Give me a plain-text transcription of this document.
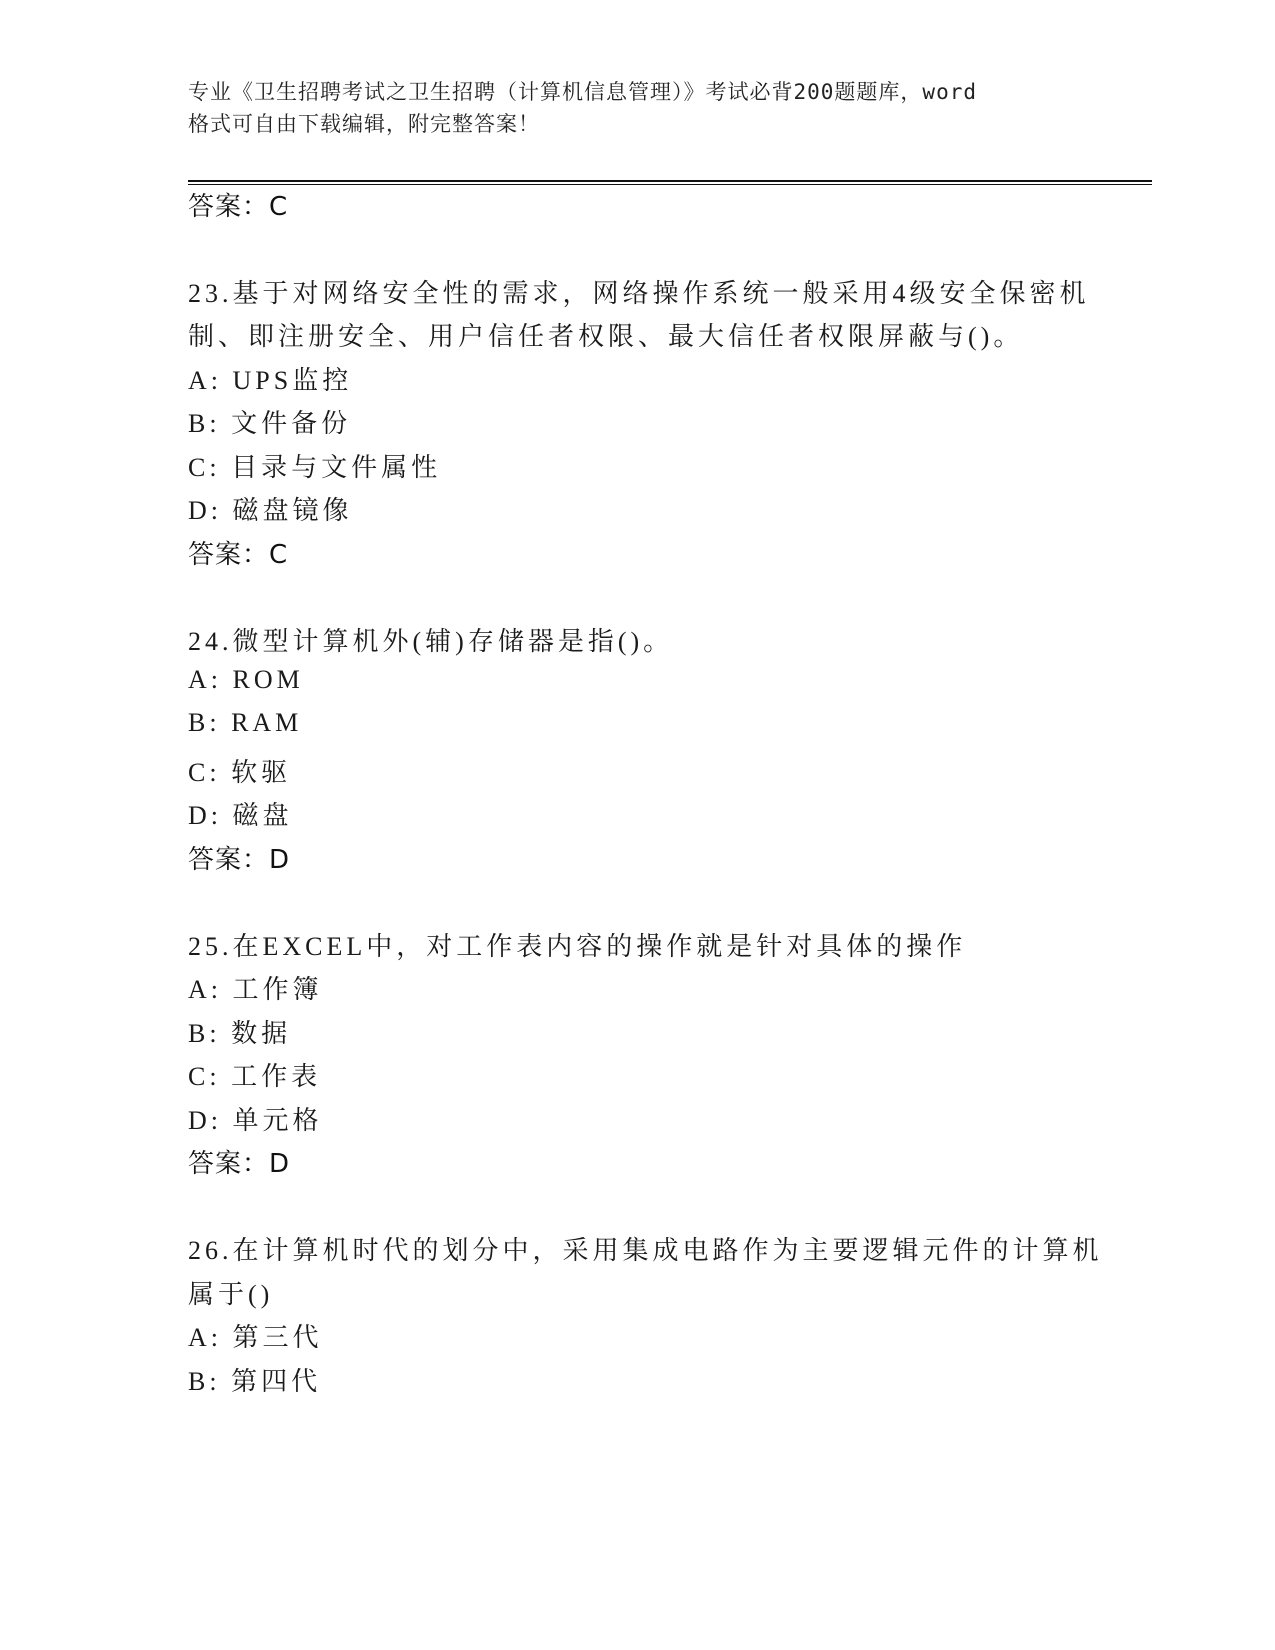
专业《卫生招聘考试之卫生招聘（计算机信息管理）》考试必背200题题库，word
格式可自由下载编辑，附完整答案！
答案：C
23.基于对网络安全性的需求，网络操作系统一般采用4级安全保密机
制、即注册安全、用户信任者权限、最大信任者权限屏蔽与()。
A: UPS监控
B: 文件备份
C: 目录与文件属性
D: 磁盘镜像
答案：C
24.微型计算机外(辅)存储器是指()。
A: ROM
B: RAM
C: 软驱
D: 磁盘
答案：D
25.在EXCEL中，对工作表内容的操作就是针对具体的操作
A: 工作簿
B: 数据
C: 工作表
D: 单元格
答案：D
26.在计算机时代的划分中，采用集成电路作为主要逻辑元件的计算机
属于()
A: 第三代
B: 第四代
